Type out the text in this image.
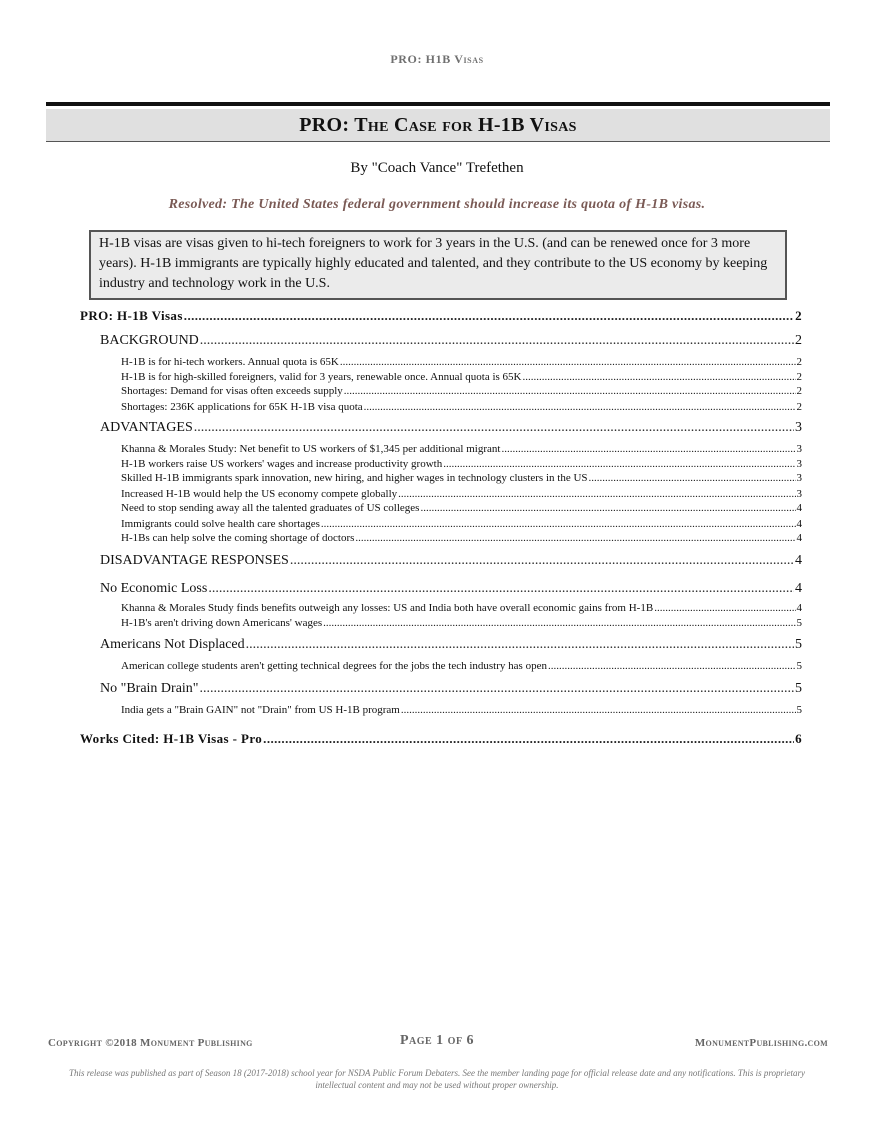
PRO: H1B Visas
PRO: The Case for H-1B Visas
By "Coach Vance" Trefethen
Resolved: The United States federal government should increase its quota of H-1B visas.
H-1B visas are visas given to hi-tech foreigners to work for 3 years in the U.S. (and can be renewed once for 3 more years). H-1B immigrants are typically highly educated and talented, and they contribute to the US economy by keeping industry and technology work in the U.S.
PRO: H-1B Visas .....	2
BACKGROUND .....	2
H-1B is for hi-tech workers. Annual quota is 65K .....	2
H-1B is for high-skilled foreigners, valid for 3 years, renewable once. Annual quota is 65K .....	2
Shortages: Demand for visas often exceeds supply .....	2
Shortages: 236K applications for 65K H-1B visa quota .....	2
ADVANTAGES .....	3
Khanna & Morales Study: Net benefit to US workers of $1,345 per additional migrant .....	3
H-1B workers raise US workers' wages and increase productivity growth .....	3
Skilled H-1B immigrants spark innovation, new hiring, and higher wages in technology clusters in the US .....	3
Increased H-1B would help the US economy compete globally .....	3
Need to stop sending away all the talented graduates of US colleges .....	4
Immigrants could solve health care shortages .....	4
H-1Bs can help solve the coming shortage of doctors .....	4
DISADVANTAGE RESPONSES .....	4
No Economic Loss .....	4
Khanna & Morales Study finds benefits outweigh any losses: US and India both have overall economic gains from H-1B .....	4
H-1B's aren't driving down Americans' wages .....	5
Americans Not Displaced .....	5
American college students aren't getting technical degrees for the jobs the tech industry has open .....	5
No "Brain Drain" .....	5
India gets a "Brain GAIN" not "Drain" from US H-1B program .....	5
Works Cited: H-1B Visas - Pro .....	6
Copyright ©2018 Monument Publishing	Page 1 of 6	MonumentPublishing.com
This release was published as part of Season 18 (2017-2018) school year for NSDA Public Forum Debaters. See the member landing page for official release date and any notifications. This is proprietary intellectual content and may not be used without proper ownership.
